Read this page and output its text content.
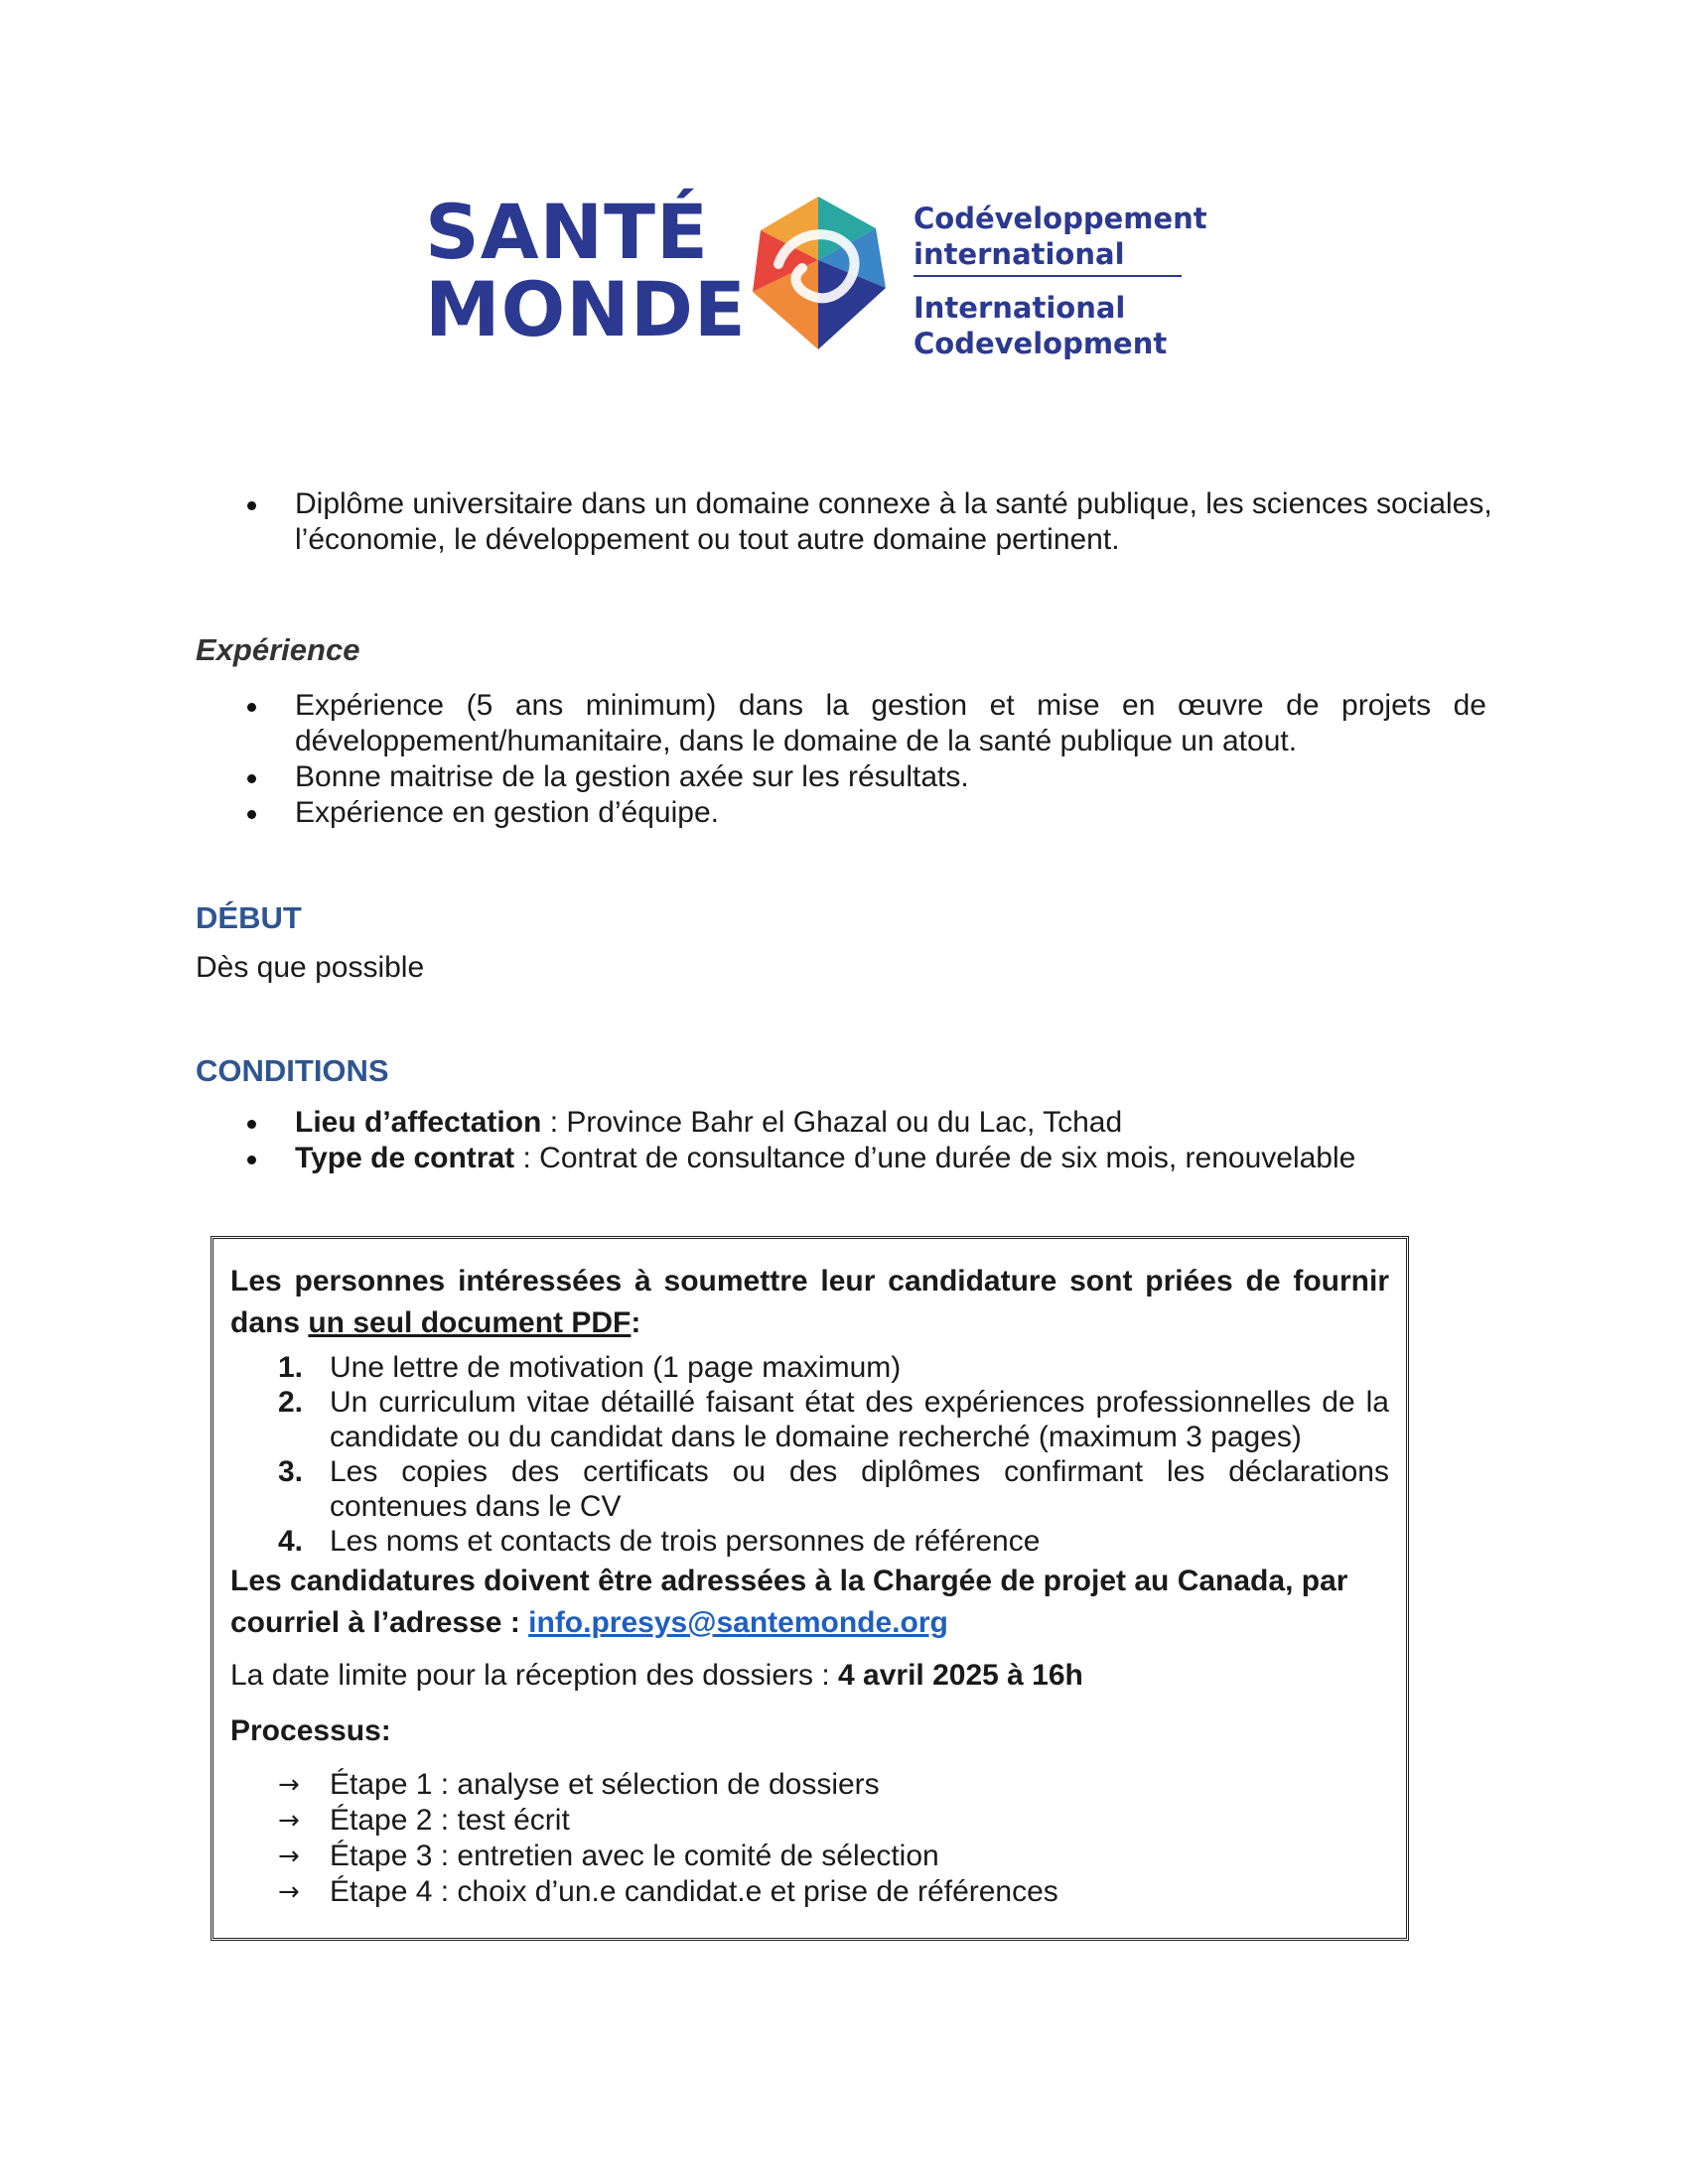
SANTÉ
MONDE
Codéveloppement
international
International
Codevelopment
Diplôme universitaire dans un domaine connexe à la santé publique, les sciences sociales, l’économie, le développement ou tout autre domaine pertinent.
Expérience
Expérience (5 ans minimum) dans la gestion et mise en œuvre de projets de développement/humanitaire, dans le domaine de la santé publique un atout.
Bonne maitrise de la gestion axée sur les résultats.
Expérience en gestion d’équipe.
DÉBUT
Dès que possible
CONDITIONS
Lieu d’affectation : Province Bahr el Ghazal ou du Lac, Tchad
Type de contrat : Contrat de consultance d’une durée de six mois, renouvelable
Les personnes intéressées à soumettre leur candidature sont priées de fournir dans un seul document PDF:
1. Une lettre de motivation (1 page maximum)
2. Un curriculum vitae détaillé faisant état des expériences professionnelles de la candidate ou du candidat dans le domaine recherché (maximum 3 pages)
3. Les copies des certificats ou des diplômes confirmant les déclarations contenues dans le CV
4. Les noms et contacts de trois personnes de référence
Les candidatures doivent être adressées à la Chargée de projet au Canada, par courriel à l’adresse : info.presys@santemonde.org
La date limite pour la réception des dossiers : 4 avril 2025 à 16h
Processus:
→ Étape 1 : analyse et sélection de dossiers
→ Étape 2 : test écrit
→ Étape 3 : entretien avec le comité de sélection
→ Étape 4 : choix d’un.e candidat.e et prise de références
